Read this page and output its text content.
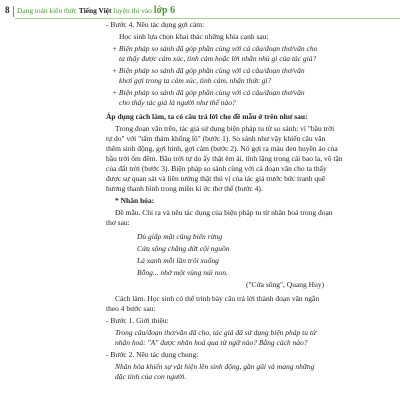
8 Dạng toán kiến thức Tiếng Việt luyện thi vào lớp 6
- Bước 4. Nêu tác dụng gợi cảm:
Học sinh lựa chọn khai thác những khía cạnh sau:
+ Biện pháp so sánh đã góp phần cùng với cả câu/đoạn thơ/văn cho
ta thấy được cảm xúc, tình cảm hoặc lời nhắn nhủ gì của tác giả?
+ Biện pháp so sánh đã góp phần cùng với cả câu/đoạn thơ/văn
khơi gợi trong ta cảm xúc, tình cảm, nhận thức gì?
+ Biện pháp so sánh đã góp phần cùng với cả câu/đoạn thơ/văn
cho thấy tác giả là người như thế nào?
Áp dụng cách làm, ta có câu trả lời cho đề mẫu ở trên như sau:
Trong đoạn văn trên, tác giả sử dụng biện pháp tu từ so sánh: vì "bầu trời
tự do" với "tấm thảm khổng lồ" (bước 1). So sánh như vậy khiến câu văn
thêm sinh động, gợi hình, gợi cảm (bước 2). Nó gợi ra màu đen huyền ảo của
bầu trời ốm đêm. Bầu trời tự do ấy thật êm ái, tĩnh lặng trong cái bao la, vô tận
của đất trời (bước 3). Biện pháp so sánh cùng với cả đoạn văn cho ta thấy
được sự quan sát và liên tưởng thật thú vị của tác giả trước bức tranh quê
hương thanh bình trong miền kí ức thơ thế (bước 4).
* Nhân hóa:
Đề mẫu. Chỉ ra và nêu tác dụng của biện pháp tu từ nhân hoá trong đoạn
thơ sau:
Dù giấp mặt cũng biển rừng
Cửa sông chẳng dứt cội nguồn
Lá xanh mỗi lần trôi xuống
Bỗng... nhớ một vùng núi non.
("Cửa sông", Quang Huy)
Cách làm. Học sinh có thể trình bày câu trả lời thành đoạn văn ngắn
theo 4 bước sau:
- Bước 1. Giới thiệu:
Trong câu/đoạn thơ/văn đã cho, tác giả đã sử dụng biện pháp tu từ
nhân hoá: "A" được nhân hoá qua từ ngữ nào? Bằng cách nào?
- Bước 2. Nêu tác dụng chung:
Nhân hóa khiến sự vật hiện lên sinh động, gần gũi và mang những
đặc tính của con người.
